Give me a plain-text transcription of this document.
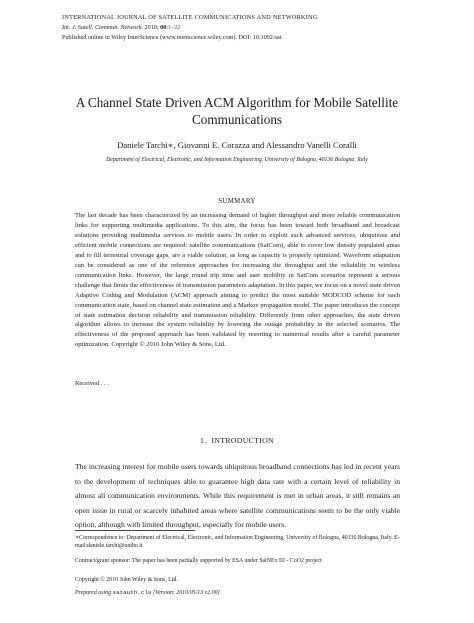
INTERNATIONAL JOURNAL OF SATELLITE COMMUNICATIONS AND NETWORKING
Int. J. Satell. Commun. Network. 2010; 00:1–22
Published online in Wiley InterScience (www.interscience.wiley.com). DOI: 10.1002/sat
A Channel State Driven ACM Algorithm for Mobile Satellite Communications
Daniele Tarchi∗, Giovanni E. Corazza and Alessandro Vanelli Coralli
Department of Electrical, Electronic, and Information Engineering, University of Bologna, 40136 Bologna, Italy
SUMMARY
The last decade has been characterized by an increasing demand of higher throughput and more reliable communication links for supporting multimedia applications. To this aim, the focus has been toward both broadband and broadcast solutions providing multimedia services to mobile users. In order to exploit such advanced services, ubiquitous and efficient mobile connections are required: satellite communications (SatCom), able to cover low density populated areas and to fill terrestrial coverage gaps, are a viable solution, as long as capacity is properly optimized. Waveform adaptation can be considered as one of the reference approaches for increasing the throughput and the reliability in wireless communication links. However, the large round trip time and user mobility in SatCom scenarios represent a serious challenge that limits the effectiveness of transmission parameters adaptation. In this paper, we focus on a novel state driven Adaptive Coding and Modulation (ACM) approach aiming to predict the most suitable MODCOD scheme for each communication state, based on channel state estimation and a Markov propagation model. The paper introduces the concept of state estimation decision reliability and transmission reliability. Differently from other approaches, the state driven algorithm allows to increase the system reliability by lowering the outage probability in the selected scenarios. The effectiveness of the proposed approach has been validated by resorting to numerical results after a careful parameter optimization. Copyright © 2010 John Wiley & Sons, Ltd.
Received . . .
1. INTRODUCTION
The increasing interest for mobile users towards ubiquitous broadband connections has led in recent years to the development of techniques able to guarantee high data rate with a certain level of reliability in almost all communication environments. While this requirement is met in urban areas, it still remains an open issue in rural or scarcely inhabited areas where satellite communications seem to be the only viable option, although with limited throughput, especially for mobile users.
∗Correspondence to: Department of Electrical, Electronic, and Information Engineering, University of Bologna, 40136 Bologna, Italy. E-mail:daniele.tarchi@unibo.it
Contract/grant sponsor: The paper has been partially supported by ESA under SatNEx III - CoO2 project
Copyright © 2010 John Wiley & Sons, Ltd.
Prepared using satauth.cls [Version: 2010/05/13 v2.00]
